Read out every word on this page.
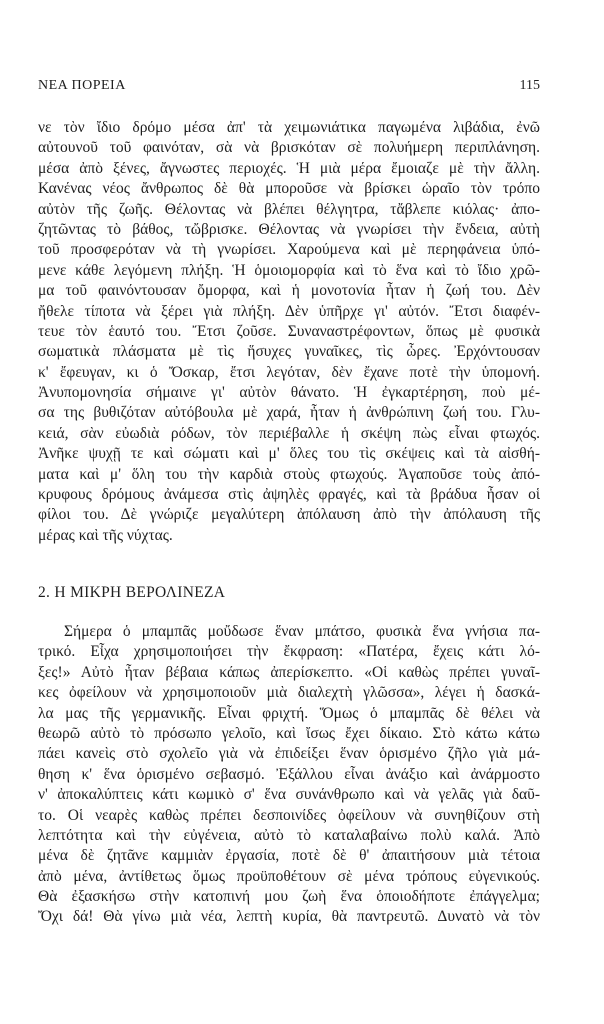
ΝΕΑ ΠΟΡΕΙΑ	115
νε τὸν ἴδιο δρόμο μέσα ἀπ' τὰ χειμωνιάτικα παγωμένα λιβάδια, ἐνῶ
αὐτουνοῦ τοῦ φαινόταν, σὰ νὰ βρισκόταν σὲ πολυήμερη περιπλάνηση.
μέσα ἀπὸ ξένες, ἄγνωστες περιοχές. Ἡ μιὰ μέρα ἔμοιαζε μὲ τὴν ἄλλη.
Κανένας νέος ἄνθρωπος δὲ θὰ μποροῦσε νὰ βρίσκει ὡραῖο τὸν τρόπο
αὐτὸν τῆς ζωῆς. Θέλοντας νὰ βλέπει θέλγητρα, τἄβλεπε κιόλας· ἀπο-
ζητῶντας τὸ βάθος, τὤβρισκε. Θέλοντας νὰ γνωρίσει τὴν ἔνδεια, αὐτὴ
τοῦ προσφερόταν νὰ τὴ γνωρίσει. Χαρούμενα καὶ μὲ περηφάνεια ὑπό-
μενε κάθε λεγόμενη πλήξη. Ἡ ὁμοιομορφία καὶ τὸ ἕνα καὶ τὸ ἴδιο χρῶ-
μα τοῦ φαινόντουσαν ὄμορφα, καὶ ἡ μονοτονία ἦταν ἡ ζωή του. Δὲν
ἤθελε τίποτα νὰ ξέρει γιὰ πλήξη. Δὲν ὑπῆρχε γι' αὐτόν. Ἔτσι διαφέν-
τευε τὸν ἑαυτό του. Ἔτσι ζοῦσε. Συναναστρέφοντων, ὅπως μὲ φυσικὰ
σωματικὰ πλάσματα μὲ τὶς ἥσυχες γυναῖκες, τὶς ὧρες. Ἐρχόντουσαν
κ' ἔφευγαν, κι ὁ Ὄσκαρ, ἔτσι λεγόταν, δὲν ἔχανε ποτὲ τὴν ὑπομονή.
Ἀνυπομονησία σήμαινε γι' αὐτὸν θάνατο. Ἡ ἐγκαρτέρηση, ποὺ μέ-
σα της βυθιζόταν αὐτόβουλα μὲ χαρά, ἦταν ἡ ἀνθρώπινη ζωή του. Γλυ-
κειά, σὰν εὐωδιὰ ρόδων, τὸν περιέβαλλε ἡ σκέψη πὼς εἶναι φτωχός.
Ἀνῆκε ψυχῇ τε καὶ σώματι καὶ μ' ὅλες του τὶς σκέψεις καὶ τὰ αἰσθή-
ματα καὶ μ' ὅλη του τὴν καρδιὰ στοὺς φτωχούς. Ἀγαποῦσε τοὺς ἀπό-
κρυφους δρόμους ἀνάμεσα στὶς ἀψηλὲς φραγές, καὶ τὰ βράδυα ἦσαν οἱ
φίλοι του. Δὲ γνώριζε μεγαλύτερη ἀπόλαυση ἀπὸ τὴν ἀπόλαυση τῆς
μέρας καὶ τῆς νύχτας.
2. Η ΜΙΚΡΗ ΒΕΡΟΛΙΝΕΖΑ
Σήμερα ὁ μπαμπᾶς μοὔδωσε ἕναν μπάτσο, φυσικὰ ἕνα γνήσια πα-
τρικό. Εἶχα χρησιμοποιήσει τὴν ἔκφραση: «Πατέρα, ἔχεις κάτι λό-
ξες!» Αὐτὸ ἦταν βέβαια κάπως ἀπερίσκεπτο. «Οἱ καθὼς πρέπει γυναῖ-
κες ὀφείλουν νὰ χρησιμοποιοῦν μιὰ διαλεχτὴ γλῶσσα», λέγει ἡ δασκά-
λα μας τῆς γερμανικῆς. Εἶναι φριχτή. Ὅμως ὁ μπαμπᾶς δὲ θέλει νὰ
θεωρῶ αὐτὸ τὸ πρόσωπο γελοῖο, καὶ ἴσως ἔχει δίκαιο. Στὸ κάτω κάτω
πάει κανεὶς στὸ σχολεῖο γιὰ νὰ ἐπιδείξει ἕναν ὁρισμένο ζῆλο γιὰ μά-
θηση κ' ἕνα ὁρισμένο σεβασμό. Ἐξάλλου εἶναι ἀνάξιο καὶ ἀνάρμοστο
ν' ἀποκαλύπτεις κάτι κωμικὸ σ' ἕνα συνάνθρωπο καὶ νὰ γελᾶς γιὰ δαῦ-
το. Οἱ νεαρὲς καθὼς πρέπει δεσποινίδες ὀφείλουν νὰ συνηθίζουν στὴ
λεπτότητα καὶ τὴν εὐγένεια, αὐτὸ τὸ καταλαβαίνω πολὺ καλά. Ἀπὸ
μένα δὲ ζητᾶνε καμμιὰν ἐργασία, ποτὲ δὲ θ' ἀπαιτήσουν μιὰ τέτοια
ἀπὸ μένα, ἀντίθετως ὅμως προϋποθέτουν σὲ μένα τρόπους εὐγενικούς.
Θὰ ἐξασκήσω στὴν κατοπινή μου ζωὴ ἕνα ὁποιοδήποτε ἐπάγγελμα;
Ὄχι δά! Θὰ γίνω μιὰ νέα, λεπτὴ κυρία, θὰ παντρευτῶ. Δυνατὸ νὰ τὸν
